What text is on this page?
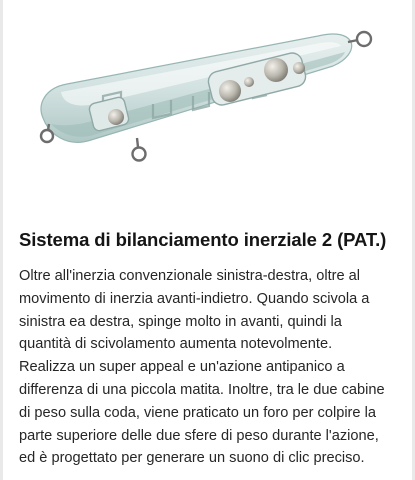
Sistema di bilanciamento inerziale 2 (PAT.)
Oltre all'inerzia convenzionale sinistra-destra, oltre al
movimento di inerzia avanti-indietro. Quando scivola a
sinistra ea destra, spinge molto in avanti, quindi la
quantità di scivolamento aumenta notevolmente.
Realizza un super appeal e un'azione antipanico a
differenza di una piccola matita. Inoltre, tra le due cabine
di peso sulla coda, viene praticato un foro per colpire la
parte superiore delle due sfere di peso durante l'azione,
ed è progettato per generare un suono di clic preciso.
